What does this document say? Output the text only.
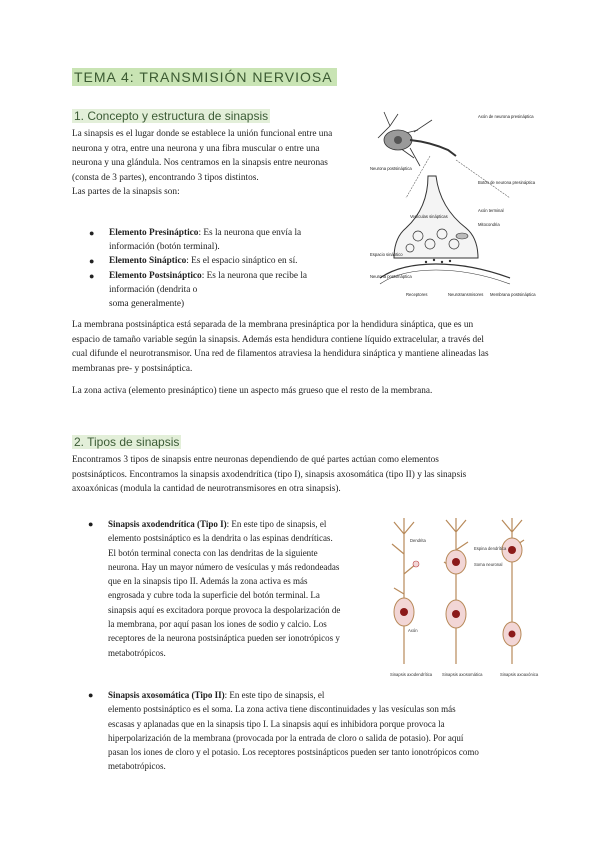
TEMA 4: TRANSMISIÓN NERVIOSA
1. Concepto y estructura de sinapsis
La sinapsis es el lugar donde se establece la unión funcional entre una
neurona y otra, entre una neurona y una fibra muscular o entre una
neurona y una glándula. Nos centramos en la sinapsis entre neuronas
(consta de 3 partes), encontrando 3 tipos distintos.
Las partes de la sinapsis son:
● Elemento Presináptico: Es la neurona que envía la
información (botón terminal).
● Elemento Sináptico: Es el espacio sináptico en sí.
● Elemento Postsináptico: Es la neurona que recibe la
información (dendrita o
soma generalmente)
Axón de neurona presináptica
Neurona postsináptica
Botón de neurona presináptica
Axón terminal
Vesículas sinápticas
Mitocondria
Espacio sináptico
Neurona postsináptica
Receptores	Neurotransmisores Membrana postsináptica
La membrana postsináptica está separada de la membrana presináptica por la hendidura sináptica, que es un
espacio de tamaño variable según la sinapsis. Además esta hendidura contiene líquido extracelular, a través del
cual difunde el neurotransmisor. Una red de filamentos atraviesa la hendidura sináptica y mantiene alineadas las
membranas pre- y postsináptica.
La zona activa (elemento presináptico) tiene un aspecto más grueso que el resto de la membrana.
2. Tipos de sinapsis
Encontramos 3 tipos de sinapsis entre neuronas dependiendo de qué partes actúan como elementos
postsinápticos. Encontramos la sinapsis axodendrítica (tipo I), sinapsis axosomática (tipo II) y las sinapsis
axoaxónicas (modula la cantidad de neurotransmisores en otra sinapsis).
● Sinapsis axodendrítica (Tipo I): En este tipo de sinapsis, el
elemento postsináptico es la dendrita o las espinas dendríticas.
El botón terminal conecta con las dendritas de la siguiente
neurona. Hay un mayor número de vesículas y más redondeadas
que en la sinapsis tipo II. Además la zona activa es más
engrosada y cubre toda la superficie del botón terminal. La
sinapsis aquí es excitadora porque provoca la despolarización de
la membrana, por aquí pasan los iones de sodio y calcio. Los
receptores de la neurona postsináptica pueden ser ionotrópicos y
metabotrópicos.
Dendrita
Espina dendrítica
Soma neuronal
Axón
Sinapsis axodendrítica Sinapsis axosomática	Sinapsis axoaxónica
● Sinapsis axosomática (Tipo II): En este tipo de sinapsis, el
elemento postsináptico es el soma. La zona activa tiene discontinuidades y las vesículas son más
escasas y aplanadas que en la sinapsis tipo I. La sinapsis aquí es inhibidora porque provoca la
hiperpolarización de la membrana (provocada por la entrada de cloro o salida de potasio). Por aquí
pasan los iones de cloro y el potasio. Los receptores postsinápticos pueden ser tanto ionotrópicos como
metabotrópicos.
